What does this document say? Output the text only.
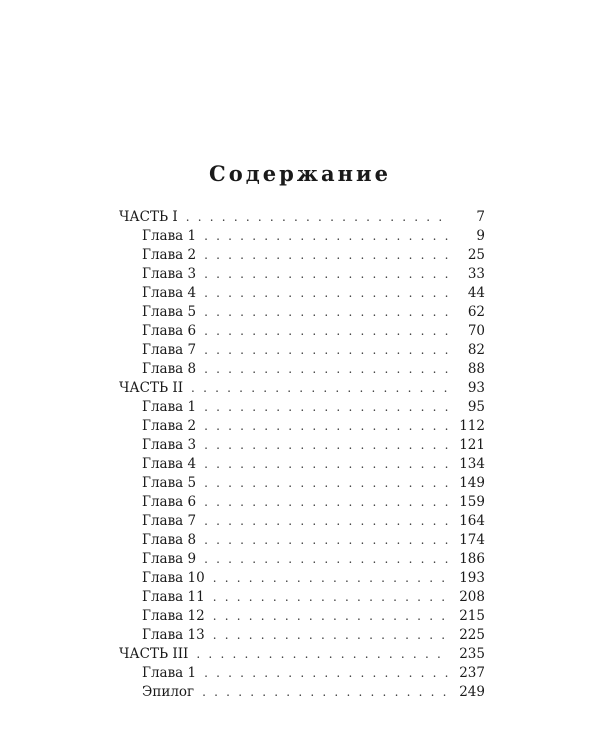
Содержание
ЧАСТЬ I . . .	7
Глава 1 . . .	9
Глава 2 . . .	25
Глава 3 . . .	33
Глава 4 . . .	44
Глава 5 . . .	62
Глава 6 . . .	70
Глава 7 . . .	82
Глава 8 . . .	88
ЧАСТЬ II . . .	93
Глава 1 . . .	95
Глава 2 . . .	112
Глава 3 . . .	121
Глава 4 . . .	134
Глава 5 . . .	149
Глава 6 . . .	159
Глава 7 . . .	164
Глава 8 . . .	174
Глава 9 . . .	186
Глава 10 . . .	193
Глава 11 . . .	208
Глава 12 . . .	215
Глава 13 . . .	225
ЧАСТЬ III . . .	235
Глава 1 . . .	237
Эпилог . . .	249
